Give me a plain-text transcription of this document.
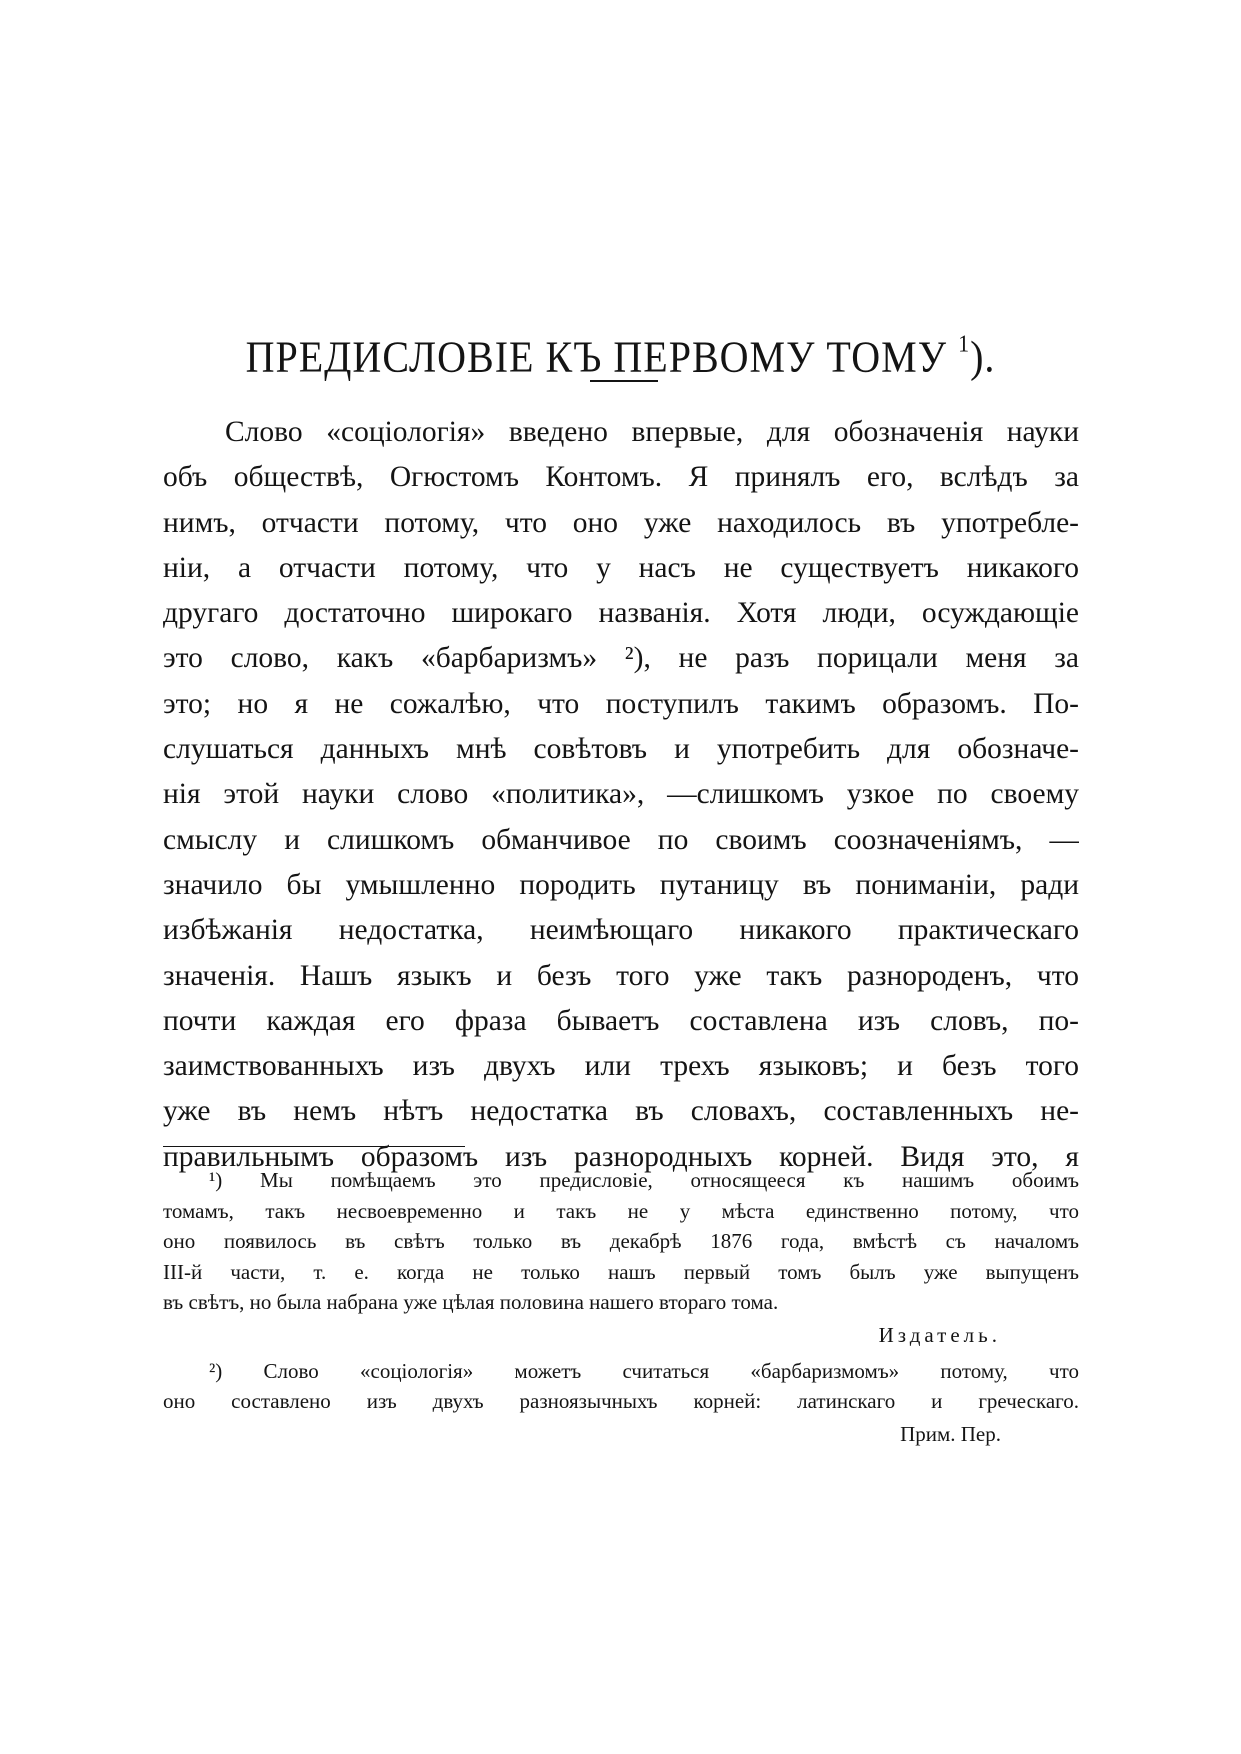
ПРЕДИСЛОВІЕ КЪ ПЕРВОМУ ТОМУ $^1$).
Слово «соціологія» введено впервые, для обозначенія науки
объ обществѣ, Огюстомъ Контомъ. Я принялъ его, вслѣдъ за
нимъ, отчасти потому, что оно уже находилось въ употребле-
ніи, а отчасти потому, что у насъ не существуетъ никакого
другаго достаточно широкаго названія. Хотя люди, осуждающіе
это слово, какъ «барбаризмъ» ²), не разъ порицали меня за
это; но я не сожалѣю, что поступилъ такимъ образомъ. По-
слушаться данныхъ мнѣ совѣтовъ и употребить для обозначе-
нія этой науки слово «политика», —слишкомъ узкое по своему
смыслу и слишкомъ обманчивое по своимъ соозначеніямъ, —
значило бы умышленно породить путаницу въ пониманіи, ради
избѣжанія недостатка, неимѣющаго никакого практическаго
значенія. Нашъ языкъ и безъ того уже такъ разнороденъ, что
почти каждая его фраза бываетъ составлена изъ словъ, по-
заимствованныхъ изъ двухъ или трехъ языковъ; и безъ того
уже въ немъ нѣтъ недостатка въ словахъ, составленныхъ не-
правильнымъ образомъ изъ разнородныхъ корней. Видя это, я
¹) Мы помѣщаемъ это предисловіе, относящееся къ нашимъ обоимъ
томамъ, такъ несвоевременно и такъ не у мѣста единственно потому, что
оно появилось въ свѣтъ только въ декабрѣ 1876 года, вмѣстѣ съ началомъ
III-й части, т. е. когда не только нашъ первый томъ былъ уже выпущенъ
въ свѣтъ, но была набрана уже цѣлая половина нашего втораго тома.
Издатель.
²) Слово «соціологія» можетъ считаться «барбаризмомъ» потому, что
оно составлено изъ двухъ разноязычныхъ корней: латинскаго и греческаго.
Прим. Пер.
